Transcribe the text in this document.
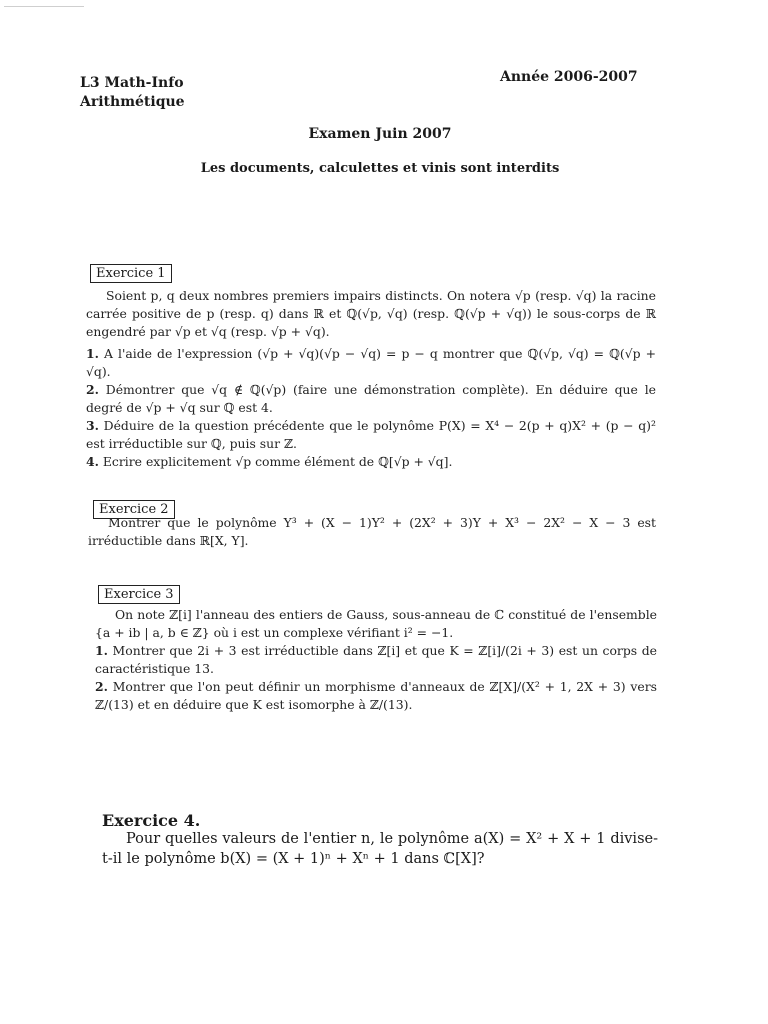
L3 Math-Info
Arithmétique
Année 2006-2007
Examen Juin 2007
Les documents, calculettes et vinis sont interdits
Exercice 1

Soient p, q deux nombres premiers impairs distincts. On notera √p (resp. √q) la racine carrée positive de p (resp. q) dans ℝ et ℚ(√p, √q) (resp. ℚ(√p + √q)) le sous-corps de ℝ engendré par √p et √q (resp. √p + √q).

1. A l'aide de l'expression (√p + √q)(√p − √q) = p − q montrer que ℚ(√p, √q) = ℚ(√p + √q).

2. Démontrer que √q ∉ ℚ(√p) (faire une démonstration complète). En déduire que le degré de √p + √q sur ℚ est 4.

3. Déduire de la question précédente que le polynôme P(X) = X⁴ − 2(p + q)X² + (p − q)² est irréductible sur ℚ, puis sur ℤ.

4. Ecrire explicitement √p comme élément de ℚ[√p + √q].

Exercice 2

Montrer que le polynôme Y³ + (X − 1)Y² + (2X² + 3)Y + X³ − 2X² − X − 3 est irréductible dans ℝ[X, Y].

Exercice 3

On note ℤ[i] l'anneau des entiers de Gauss, sous-anneau de ℂ constitué de l'ensemble {a + ib | a, b ∈ ℤ} où i est un complexe vérifiant i² = −1.

1. Montrer que 2i + 3 est irréductible dans ℤ[i] et que K = ℤ[i]/(2i + 3) est un corps de caractéristique 13.

2. Montrer que l'on peut définir un morphisme d'anneaux de ℤ[X]/(X² + 1, 2X + 3) vers ℤ/(13) et en déduire que K est isomorphe à ℤ/(13).

Exercice 4.
Pour quelles valeurs de l'entier n, le polynôme a(X) = X² + X + 1 divise-t-il le polynôme b(X) = (X + 1)ⁿ + Xⁿ + 1 dans ℂ[X]?
